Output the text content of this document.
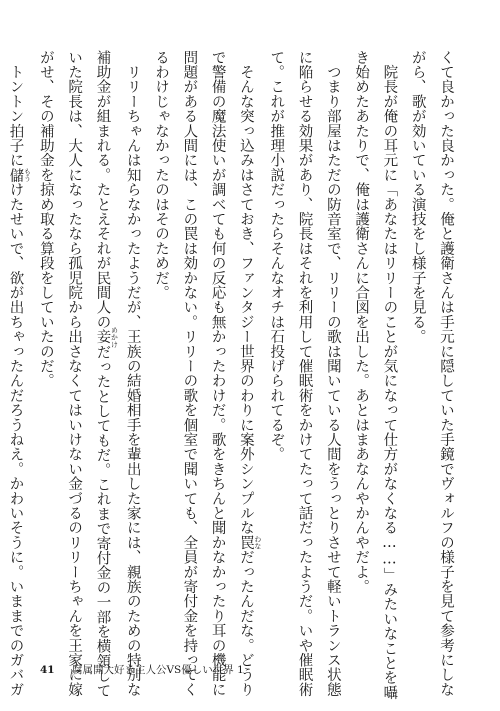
くて良かった良かった。俺と護衛さんは手元に隠していた手鏡でヴォルフの様子を見て参考にしな
がら、歌が効いている演技をし様子を見る。
　院長が俺の耳元に「あなたはリリーのことが気になって仕方がなくなる……」みたいなことを囁
き始めたあたりで、俺は護衛さんに合図を出した。あとはまあなんやかんやだよ。
　つまり部屋はただの防音室で、リリーの歌は聞いている人間をうっとりさせて軽いトランス状態
に陥らせる効果があり、院長はそれを利用して催眠術をかけてたって話だったようだ。いや催眠術
て。これが推理小説だったらそんなオチは石投げられてるぞ。
　そんな突っ込みはさておき、ファンタジー世界のわりに案外シンプルな罠 わなだったんだな。どうり
で警備の魔法使いが調べても何の反応も無かったわけだ。歌をきちんと聞かなかったり耳の機能に
問題がある人間には、この罠は効かない。リリーの歌を個室で聞いても、全員が寄付金を持ってく
るわけじゃなかったのはそのためだ。
　リリーちゃんは知らなかったようだが、王族の結婚相手を輩出した家には、親族のための特別な
補助金が組まれる。たとえそれが民間人の妾 めかけだったとしてもだ。これまで寄付金の一部を横領して
いた院長は、大人になったなら孤児院から出さなくてはいけない金づるのリリーちゃんを王家に嫁
がせ、その補助金を掠め取る算段をしていたのだ。
　トントン拍子に儲 もうけたせいで、欲が出ちゃったんだろうねえ。かわいそうに。いままでのガバガ	41 腐属開大好き主人公VS優しい世界 1
